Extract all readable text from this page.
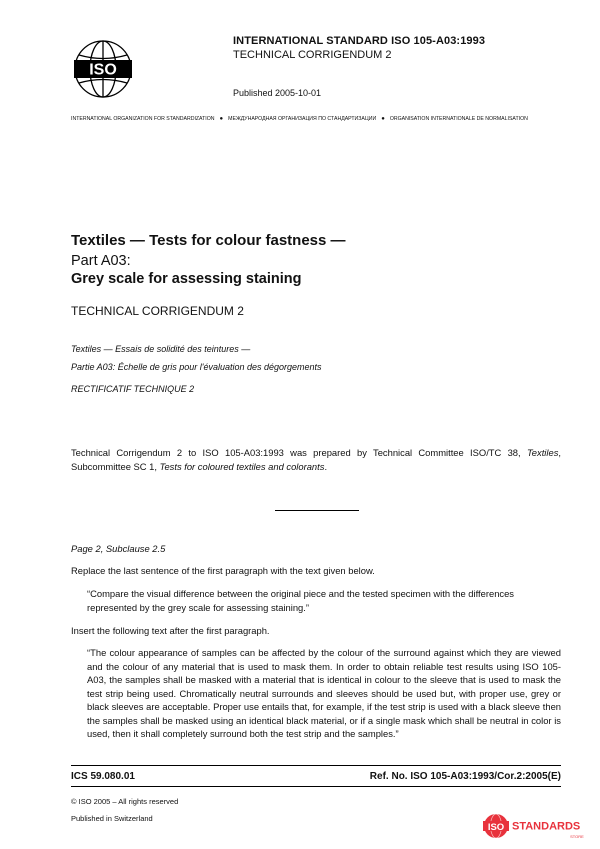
ISO
INTERNATIONAL STANDARD ISO 105-A03:1993
TECHNICAL CORRIGENDUM 2
Published 2005-10-01
INTERNATIONAL ORGANIZATION FOR STANDARDIZATION ● МЕЖДУНАРОДНАЯ ОРГАНИЗАЦИЯ ПО СТАНДАРТИЗАЦИИ ● ORGANISATION INTERNATIONALE DE NORMALISATION
Textiles — Tests for colour fastness —
Part A03:
Grey scale for assessing staining
TECHNICAL CORRIGENDUM 2
Textiles — Essais de solidité des teintures —
Partie A03: Échelle de gris pour l'évaluation des dégorgements
RECTIFICATIF TECHNIQUE 2
Technical Corrigendum 2 to ISO 105-A03:1993 was prepared by Technical Committee ISO/TC 38, Textiles, Subcommittee SC 1, Tests for coloured textiles and colorants.
Page 2, Subclause 2.5
Replace the last sentence of the first paragraph with the text given below.
“Compare the visual difference between the original piece and the tested specimen with the differences represented by the grey scale for assessing staining.”
Insert the following text after the first paragraph.
“The colour appearance of samples can be affected by the colour of the surround against which they are viewed and the colour of any material that is used to mask them. In order to obtain reliable test results using ISO 105-A03, the samples shall be masked with a material that is identical in colour to the sleeve that is used to mask the test strip being used. Chromatically neutral surrounds and sleeves should be used but, with proper use, grey or black sleeves are acceptable. Proper use entails that, for example, if the test strip is used with a black sleeve then the samples shall be masked using an identical black material, or if a single mask which shall be neutral in color is used, then it shall completely surround both the test strip and the samples.”
ICS 59.080.01	Ref. No. ISO 105-A03:1993/Cor.2:2005(E)
© ISO 2005 – All rights reserved
Published in Switzerland
ISO STANDARDS
STORE
